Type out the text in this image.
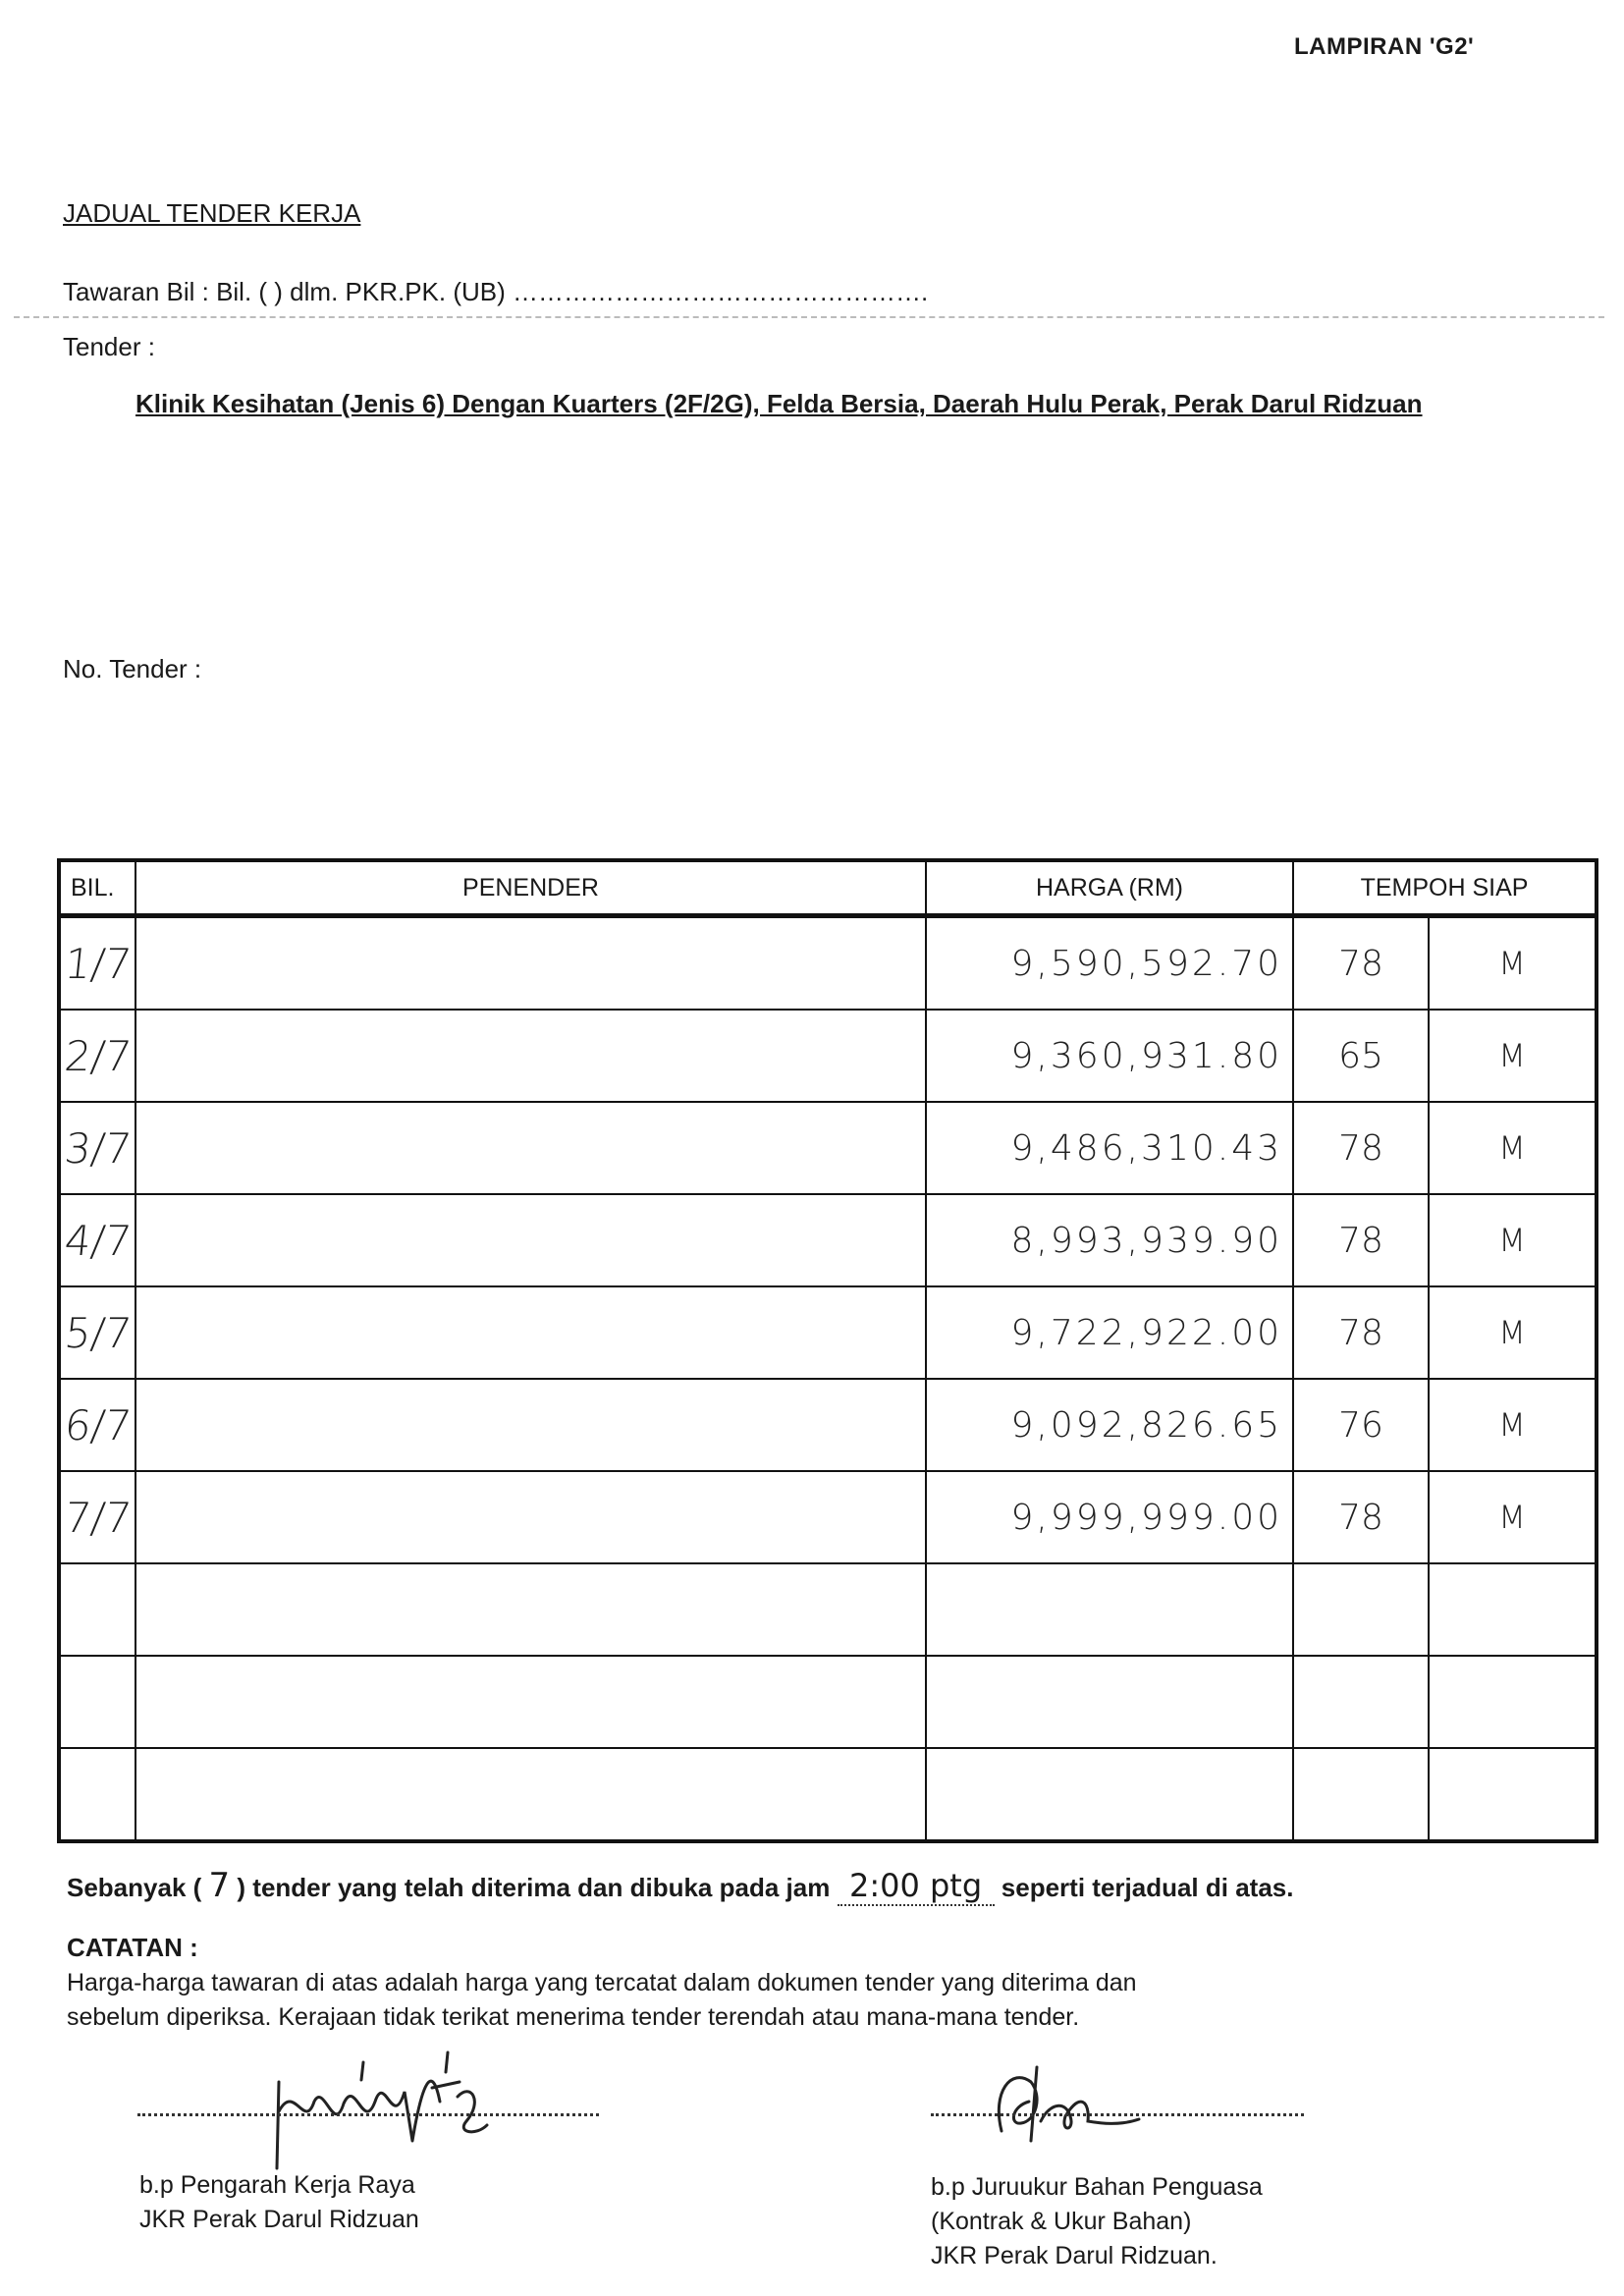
LAMPIRAN 'G2'
JADUAL TENDER KERJA
Tawaran Bil : Bil. ( ) dlm. PKR.PK. (UB) ………………………………………….
Tender :
Klinik Kesihatan (Jenis 6) Dengan Kuarters (2F/2G), Felda Bersia, Daerah Hulu Perak, Perak Darul Ridzuan
No. Tender :
BIL.	PENENDER	HARGA (RM)	TEMPOH SIAP	
1/7		9,590,592.70	78	M
2/7		9,360,931.80	65	M
3/7		9,486,310.43	78	M
4/7		8,993,939.90	78	M
5/7		9,722,922.00	78	M
6/7		9,092,826.65	76	M
7/7		9,999,999.00	78	M

Sebanyak ( 7 ) tender yang telah diterima dan dibuka pada jam 2:00 ptg seperti terjadual di atas.
CATATAN :
Harga-harga tawaran di atas adalah harga yang tercatat dalam dokumen tender yang diterima dan
sebelum diperiksa. Kerajaan tidak terikat menerima tender terendah atau mana-mana tender.
b.p Pengarah Kerja Raya
JKR Perak Darul Ridzuan
b.p Juruukur Bahan Penguasa
(Kontrak & Ukur Bahan)
JKR Perak Darul Ridzuan.
